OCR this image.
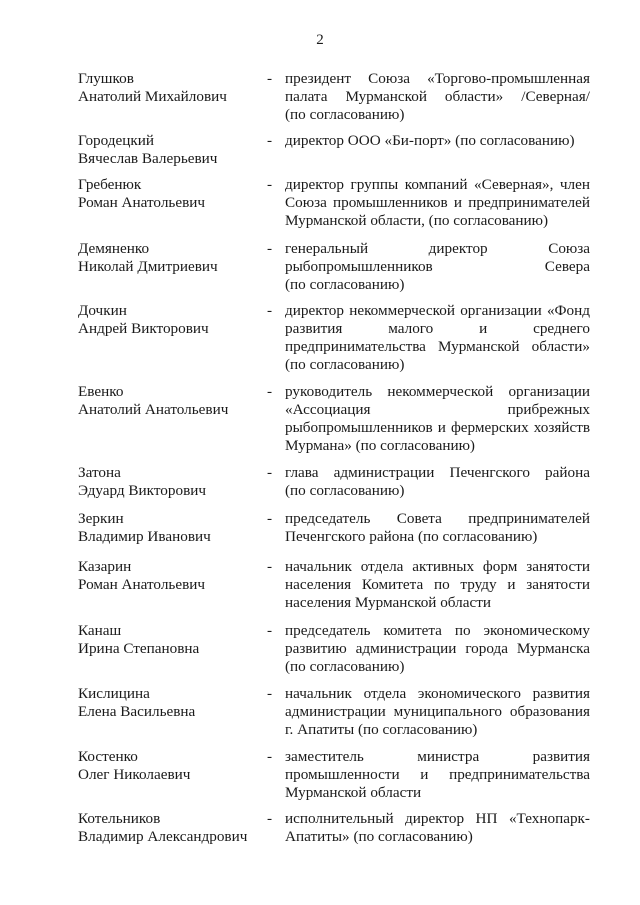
2
Глушков
Анатолий Михайлович
- президент Союза «Торгово-промышленная
палата Мурманской области» /Северная/
(по согласованию)
Городецкий
Вячеслав Валерьевич
- директор ООО «Би-порт» (по согласованию)
Гребенюк
Роман Анатольевич
- директор группы компаний «Северная», член
Союза промышленников и предпринимателей
Мурманской области, (по согласованию)
Демяненко
Николай Дмитриевич
- генеральный директор Союза
рыбопромышленников Севера
(по согласованию)
Дочкин
Андрей Викторович
- директор некоммерческой организации «Фонд
развития малого и среднего
предпринимательства Мурманской области»
(по согласованию)
Евенко
Анатолий Анатольевич
- руководитель некоммерческой организации
«Ассоциация прибрежных
рыбопромышленников и фермерских хозяйств
Мурмана» (по согласованию)
Затона
Эдуард Викторович
- глава администрации Печенгского района
(по согласованию)
Зеркин
Владимир Иванович
- председатель Совета предпринимателей
Печенгского района (по согласованию)
Казарин
Роман Анатольевич
- начальник отдела активных форм занятости
населения Комитета по труду и занятости
населения Мурманской области
Канаш
Ирина Степановна
- председатель комитета по экономическому
развитию администрации города Мурманска
(по согласованию)
Кислицина
Елена Васильевна
- начальник отдела экономического развития
администрации муниципального образования
г. Апатиты (по согласованию)
Костенко
Олег Николаевич
- заместитель министра развития
промышленности и предпринимательства
Мурманской области
Котельников
Владимир Александрович
- исполнительный директор НП «Технопарк-
Апатиты» (по согласованию)
